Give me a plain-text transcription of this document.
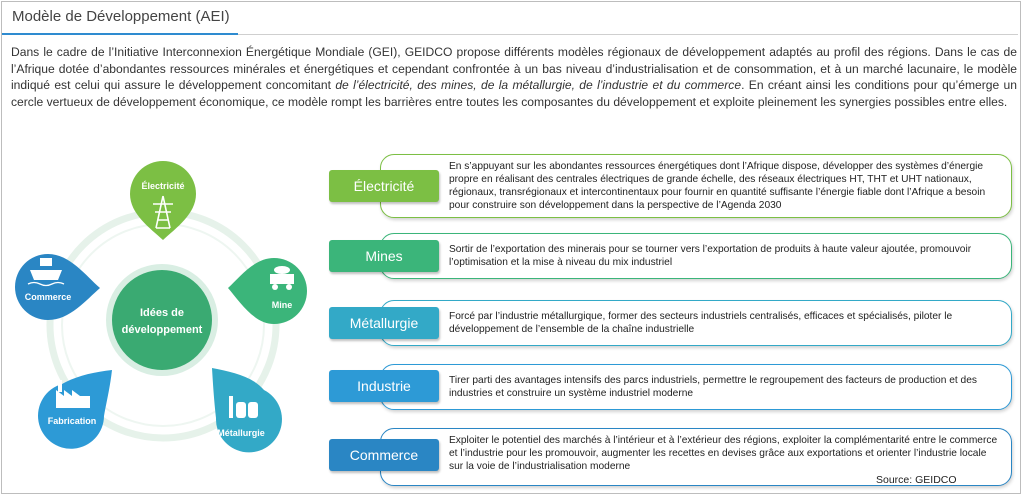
Modèle de Développement (AEI)
Dans le cadre de l’Initiative Interconnexion Énergétique Mondiale (GEI), GEIDCO propose différents modèles régionaux de développement adaptés au profil des régions. Dans le cas de l’Afrique dotée d’abondantes ressources minérales et énergétiques et cependant confrontée à un bas niveau d’industrialisation et de consommation, et à un marché lacunaire, le modèle indiqué est celui qui assure le développement concomitant de l’électricité, des mines, de la métallurgie, de l’industrie et du commerce. En créant ainsi les conditions pour qu’émerge un cercle vertueux de développement économique, ce modèle rompt les barrières entre toutes les composantes du développement et exploite pleinement les synergies possibles entre elles.
Idées de
développement
Électricité
Mine
Métallurgie
Fabrication
Commerce
En s’appuyant sur les abondantes ressources énergétiques dont l’Afrique dispose, développer des systèmes d’énergie propre en réalisant des centrales électriques de grande échelle, des réseaux électriques HT, THT et UHT nationaux, régionaux, transrégionaux et intercontinentaux pour fournir en quantité suffisante l’énergie fiable dont l’Afrique a besoin pour construire son développement dans la perspective de l’Agenda 2030
Électricité
Sortir de l’exportation des minerais pour se tourner vers l’exportation de produits à haute valeur ajoutée, promouvoir l’optimisation et la mise à niveau du mix industriel
Mines
Forcé par l’industrie métallurgique, former des secteurs industriels centralisés, efficaces et spécialisés, piloter le développement de l’ensemble de la chaîne industrielle
Métallurgie
Tirer parti des avantages intensifs des parcs industriels, permettre le regroupement des facteurs de production et des industries et construire un système industriel moderne
Industrie
Exploiter le potentiel des marchés à l’intérieur et à l’extérieur des régions, exploiter la complémentarité entre le commerce et l’industrie pour les promouvoir, augmenter les recettes en devises grâce aux exportations et orienter l’industrie locale sur la voie de l’industrialisation moderne
Commerce
Source: GEIDCO
